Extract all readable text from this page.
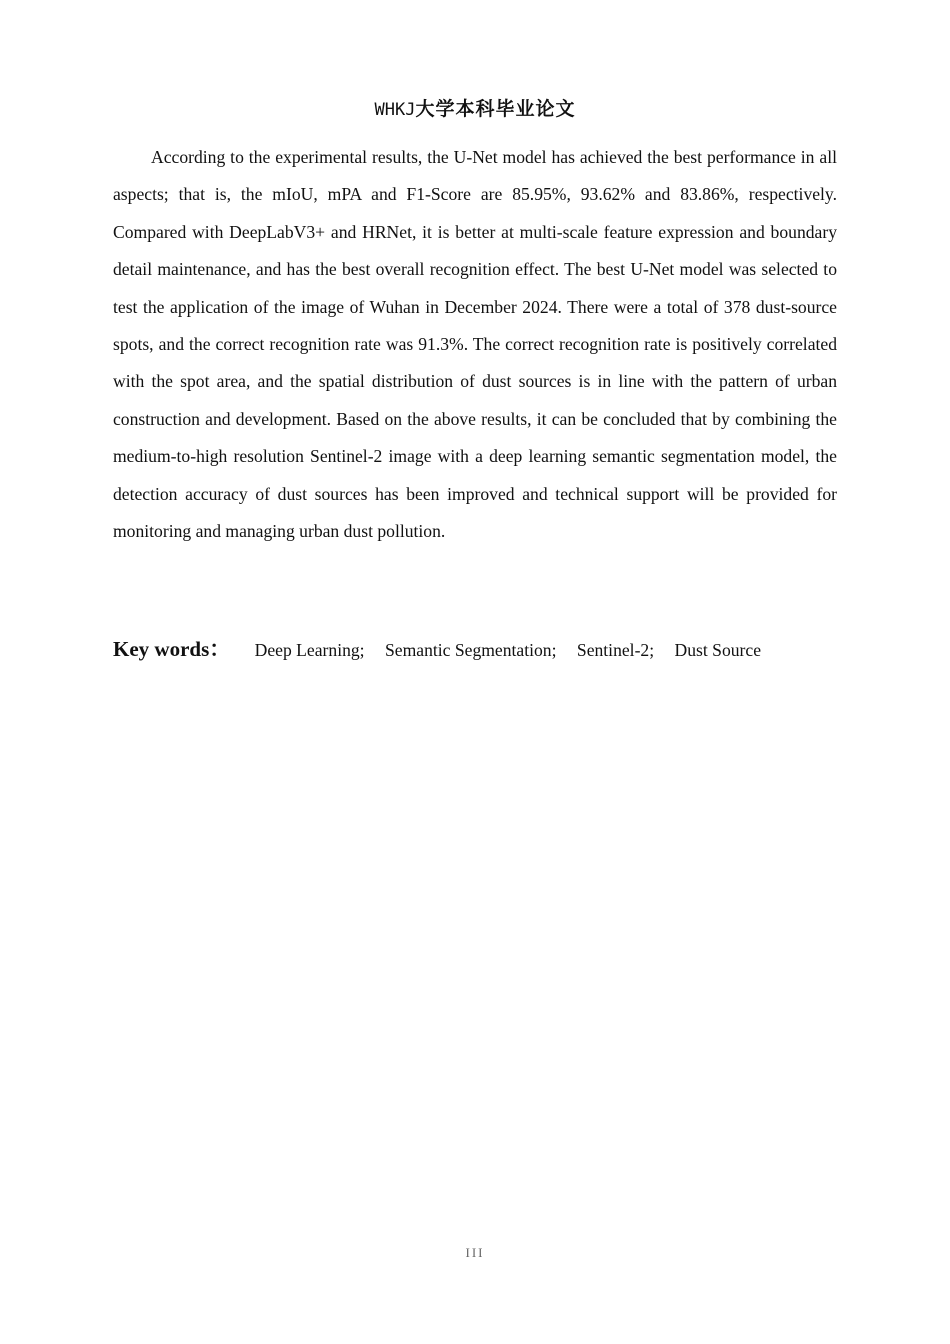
WHKJ大学本科毕业论文

According to the experimental results, the U-Net model has achieved the best performance in all aspects; that is, the mIoU, mPA and F1-Score are 85.95%, 93.62% and 83.86%, respectively. Compared with DeepLabV3+ and HRNet, it is better at multi-scale feature expression and boundary detail maintenance, and has the best overall recognition effect. The best U-Net model was selected to test the application of the image of Wuhan in December 2024. There were a total of 378 dust-source spots, and the correct recognition rate was 91.3%. The correct recognition rate is positively correlated with the spot area, and the spatial distribution of dust sources is in line with the pattern of urban construction and development. Based on the above results, it can be concluded that by combining the medium-to-high resolution Sentinel-2 image with a deep learning semantic segmentation model, the detection accuracy of dust sources has been improved and technical support will be provided for monitoring and managing urban dust pollution.

Key words： Deep Learning; Semantic Segmentation; Sentinel-2; Dust Source
III
